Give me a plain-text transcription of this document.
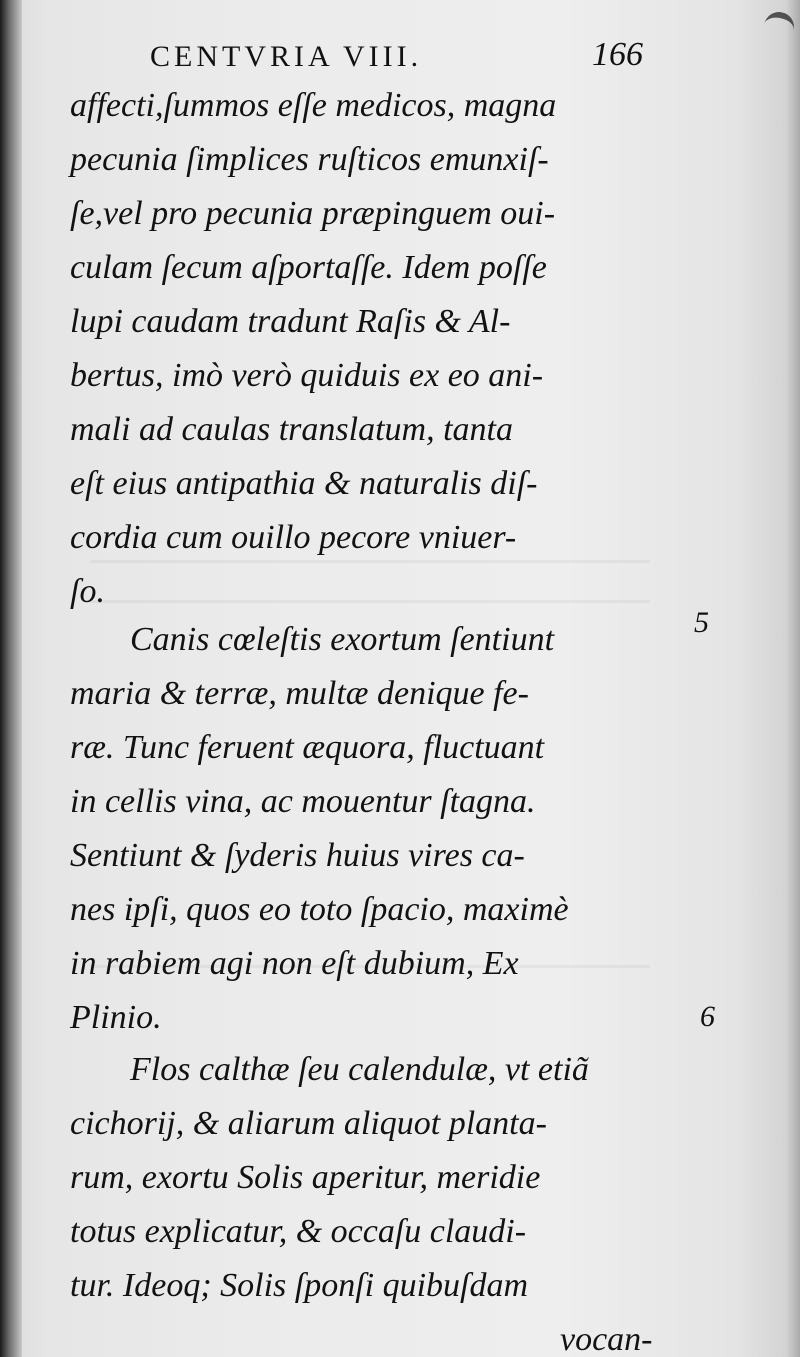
CENTVRIA VIII.	166
affecti,ſummos eſſe medicos, magna
pecunia ſimplices ruſticos emunxiſ-
ſe,vel pro pecunia præpinguem oui-
culam ſecum aſportaſſe. Idem poſſe
lupi caudam tradunt Raſis & Al-
bertus, imò verò quiduis ex eo ani-
mali ad caulas translatum, tanta
eſt eius antipathia & naturalis diſ-
cordia cum ouillo pecore vniuer-
ſo.
Canis cœleſtis exortum ſentiunt
maria & terræ, multæ denique fe-
ræ. Tunc feruent æquora, fluctuant
in cellis vina, ac mouentur ſtagna.
Sentiunt & ſyderis huius vires ca-
nes ipſi, quos eo toto ſpacio, maximè
in rabiem agi non eſt dubium, Ex
Plinio.
Flos calthæ ſeu calendulæ, vt etiã
cichorij, & aliarum aliquot planta-
rum, exortu Solis aperitur, meridie
totus explicatur, & occaſu claudi-
tur. Ideoq; Solis ſponſi quibuſdam
vocan-
5
6
